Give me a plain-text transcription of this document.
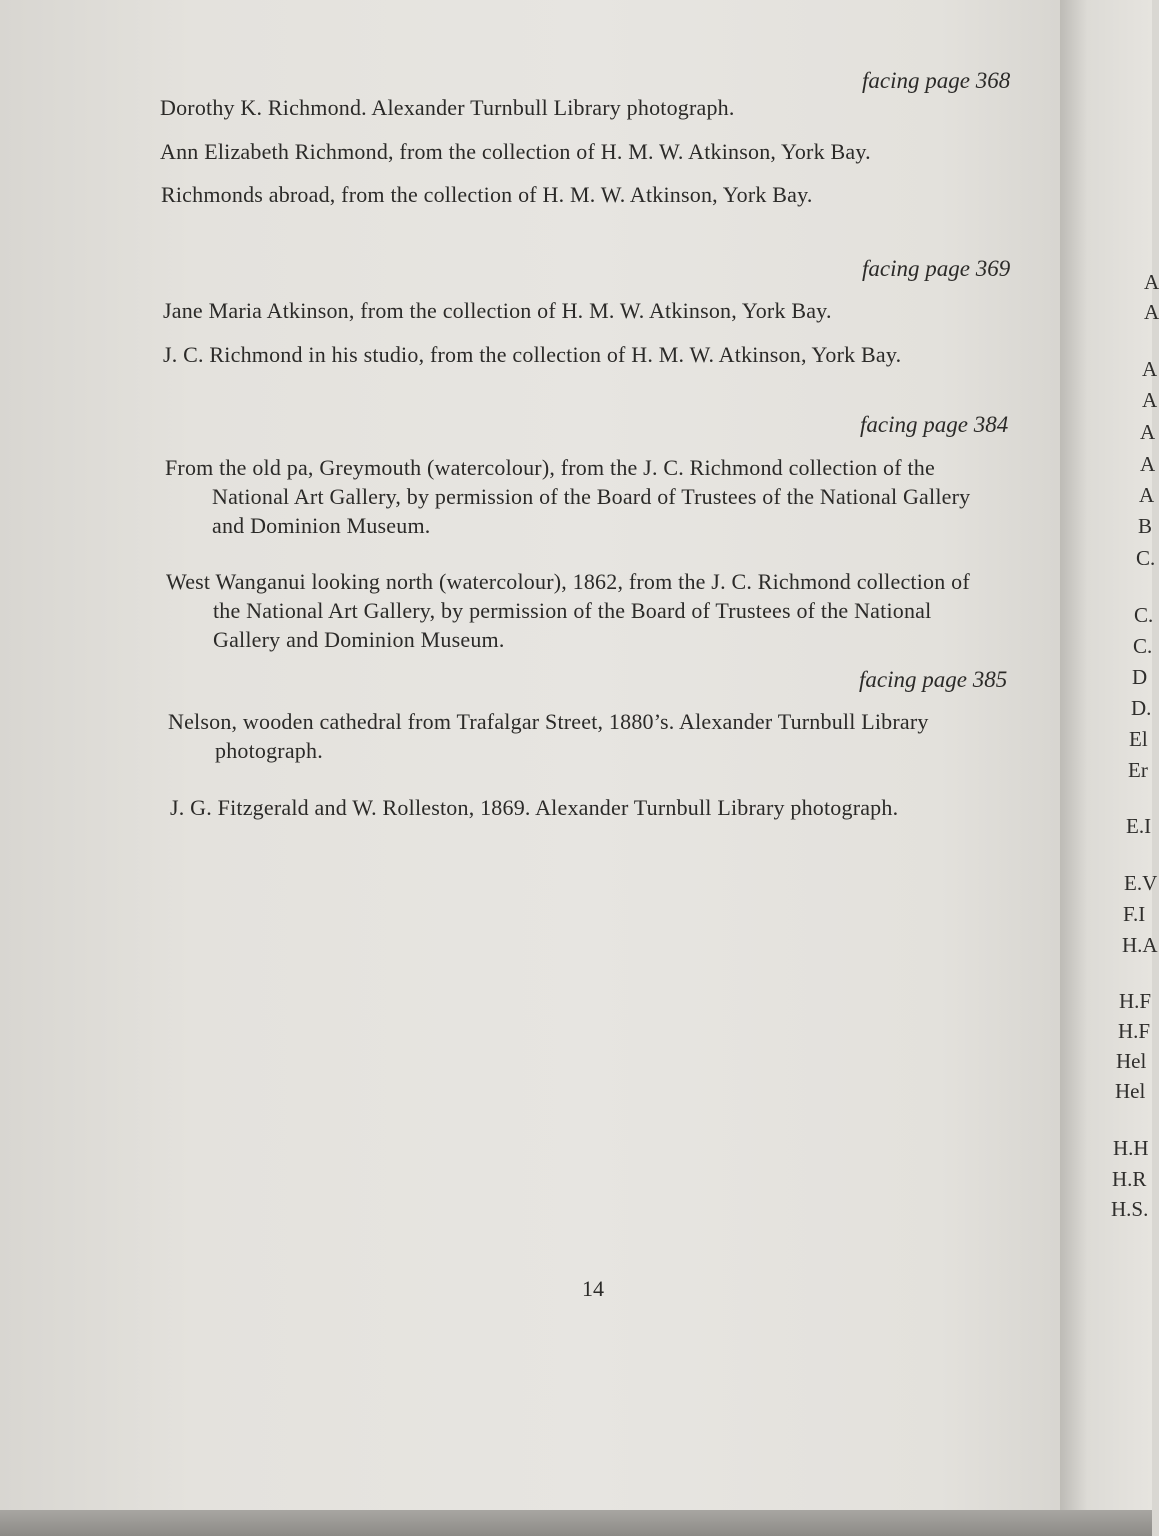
facing page 368
Dorothy K. Richmond. Alexander Turnbull Library photograph.
Ann Elizabeth Richmond, from the collection of H. M. W. Atkinson, York Bay.
Richmonds abroad, from the collection of H. M. W. Atkinson, York Bay.
facing page 369
Jane Maria Atkinson, from the collection of H. M. W. Atkinson, York Bay.
J. C. Richmond in his studio, from the collection of H. M. W. Atkinson, York Bay.
facing page 384
From the old pa, Greymouth (watercolour), from the J. C. Richmond collection of the National Art Gallery, by permission of the Board of Trustees of the National Gallery and Dominion Museum.
West Wanganui looking north (watercolour), 1862, from the J. C. Richmond collection of the National Art Gallery, by permission of the Board of Trustees of the National Gallery and Dominion Museum.
facing page 385
Nelson, wooden cathedral from Trafalgar Street, 1880’s. Alexander Turnbull Library photograph.
J. G. Fitzgerald and W. Rolleston, 1869. Alexander Turnbull Library photograph.
14
A
A
A
A
A
A
A
B
C.
C.
C.
D
D.
El
Er
E.I
E.V
F.I
H.A
H.F
H.F
Hel
Hel
H.H
H.R
H.S.
